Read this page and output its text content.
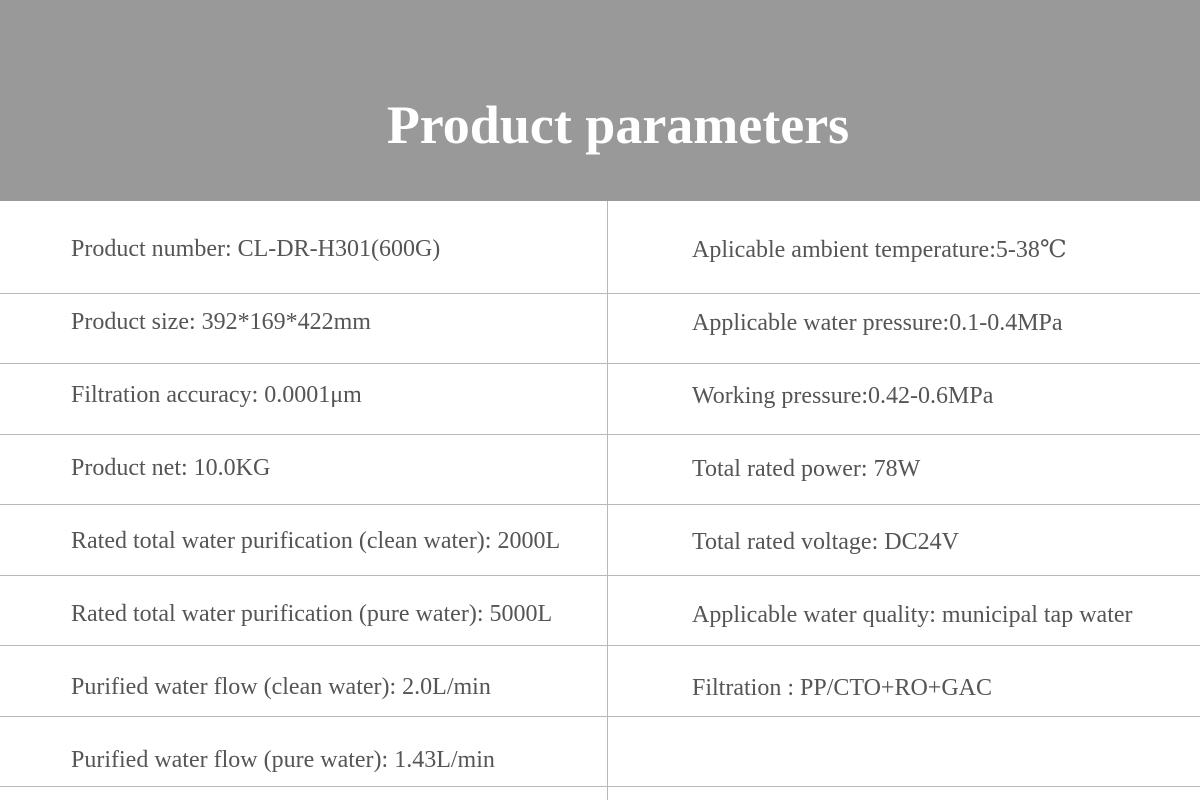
Product parameters
Product number: CL-DR-H301(600G)
Product size: 392*169*422mm
Filtration accuracy: 0.0001μm
Product net: 10.0KG
Rated total water purification (clean water): 2000L
Rated total water purification (pure water): 5000L
Purified water flow (clean water): 2.0L/min
Purified water flow (pure water): 1.43L/min
Aplicable ambient temperature:5-38℃
Applicable water pressure:0.1-0.4MPa
Working pressure:0.42-0.6MPa
Total rated power: 78W
Total rated voltage: DC24V
Applicable water quality: municipal tap water
Filtration : PP/CTO+RO+GAC
